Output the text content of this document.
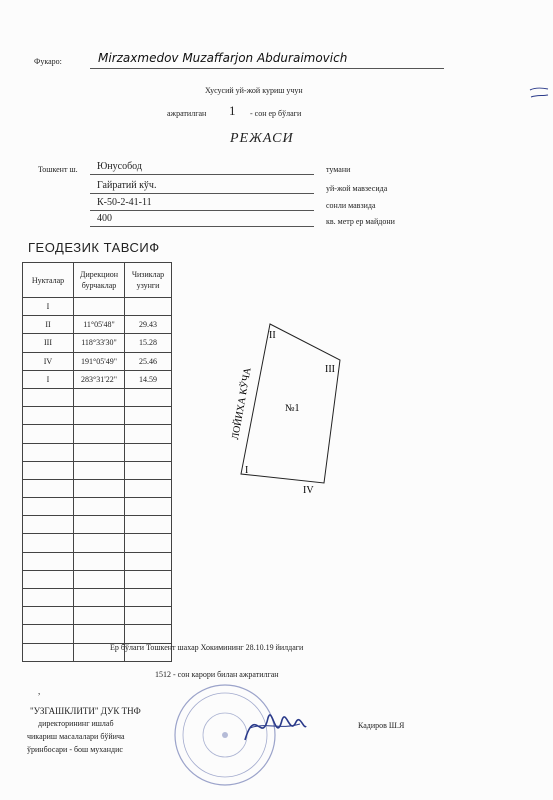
Фукаро:	Mirzaxmedov Muzaffarjon Abduraimovich
Хусусий уй-жой куриш учун
ажратилган 1 - сон ер бўлаги
РЕЖАСИ
Тошкент ш. Юнусобод	тумани
Гайратий кўч.	уй-жой мавзесида
К-50-2-41-11	сонли мавзида
400	кв. метр ер майдони
ГЕОДЕЗИК ТАВСИФ
Нукталар	Дирекцион бурчаклар	Чизиклар узунги
I		
II	11°05'48"	29.43
III	118°33'30"	15.28
IV	191°05'49"	25.46
I	283°31'22"	14.59

I
II
III
IV
№1
ЛОЙИХА КЎЧА
Ер бўлаги Тошкент шахар Хокимининг 28.10.19 йилдаги
1512 - сон карори билан ажратилган
"УЗГАШКЛИТИ" ДУК ТНФ
директорининг ишлаб
чикариш масалалари бўйича
ўринбосари - бош мухандис
Кадиров Ш.Я
,
